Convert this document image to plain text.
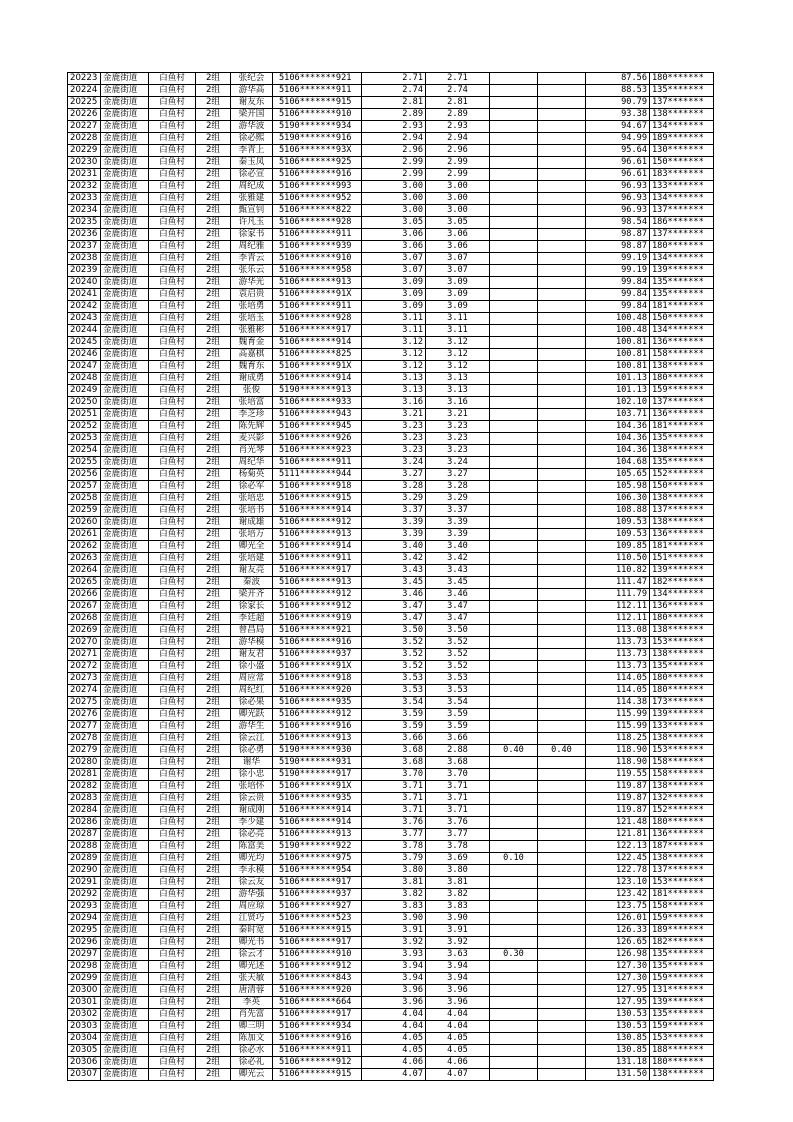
20223	金鹿街道	白鱼村	2组	张纪会	5106*******921	2.71	2.71			87.56	180*******
20224	金鹿街道	白鱼村	2组	游华高	5106*******911	2.74	2.74			88.53	135*******
20225	金鹿街道	白鱼村	2组	谢友东	5106*******915	2.81	2.81			90.79	137*******
20226	金鹿街道	白鱼村	2组	梁开国	5106*******910	2.89	2.89			93.38	138*******
20227	金鹿街道	白鱼村	2组	游华波	5190*******934	2.93	2.93			94.67	134*******
20228	金鹿街道	白鱼村	2组	徐必熙	5190*******916	2.94	2.94			94.99	189*******
20229	金鹿街道	白鱼村	2组	李青上	5106*******93X	2.96	2.96			95.64	130*******
20230	金鹿街道	白鱼村	2组	秦玉凤	5106*******925	2.99	2.99			96.61	150*******
20231	金鹿街道	白鱼村	2组	徐必宣	5106*******916	2.99	2.99			96.61	183*******
20232	金鹿街道	白鱼村	2组	周纪成	5106*******993	3.00	3.00			96.93	133*******
20233	金鹿街道	白鱼村	2组	张雅建	5106*******952	3.00	3.00			96.93	134*******
20234	金鹿街道	白鱼村	2组	甄宣钊	5106*******822	3.00	3.00			96.93	137*******
20235	金鹿街道	白鱼村	2组	许凡玉	5106*******928	3.05	3.05			98.54	186*******
20236	金鹿街道	白鱼村	2组	徐家书	5106*******911	3.06	3.06			98.87	137*******
20237	金鹿街道	白鱼村	2组	周纪雅	5106*******939	3.06	3.06			98.87	180*******
20238	金鹿街道	白鱼村	2组	李青云	5106*******910	3.07	3.07			99.19	134*******
20239	金鹿街道	白鱼村	2组	张乐云	5106*******958	3.07	3.07			99.19	139*******
20240	金鹿街道	白鱼村	2组	游华光	5106*******913	3.09	3.09			99.84	135*******
20241	金鹿街道	白鱼村	2组	袁启贵	5106*******91X	3.09	3.09			99.84	135*******
20242	金鹿街道	白鱼村	2组	张培勇	5106*******911	3.09	3.09			99.84	181*******
20243	金鹿街道	白鱼村	2组	张培玉	5106*******928	3.11	3.11			100.48	150*******
20244	金鹿街道	白鱼村	2组	张雅彬	5106*******917	3.11	3.11			100.48	134*******
20245	金鹿街道	白鱼村	2组	魏育金	5106*******914	3.12	3.12			100.81	136*******
20246	金鹿街道	白鱼村	2组	高嘉棋	5106*******825	3.12	3.12			100.81	158*******
20247	金鹿街道	白鱼村	2组	魏育东	5106*******91X	3.12	3.12			100.81	138*******
20248	金鹿街道	白鱼村	2组	谢成勇	5106*******914	3.13	3.13			101.13	180*******
20249	金鹿街道	白鱼村	2组	张俊	5190*******913	3.13	3.13			101.13	159*******
20250	金鹿街道	白鱼村	2组	张培富	5106*******933	3.16	3.16			102.10	137*******
20251	金鹿街道	白鱼村	2组	李芝珍	5106*******943	3.21	3.21			103.71	136*******
20252	金鹿街道	白鱼村	2组	陈先辉	5106*******945	3.23	3.23			104.36	181*******
20253	金鹿街道	白鱼村	2组	麦兴影	5106*******926	3.23	3.23			104.36	135*******
20254	金鹿街道	白鱼村	2组	肖光琴	5106*******923	3.23	3.23			104.36	138*******
20255	金鹿街道	白鱼村	2组	周纪华	5106*******911	3.24	3.24			104.68	135*******
20256	金鹿街道	白鱼村	2组	杨菊英	5111*******944	3.27	3.27			105.65	152*******
20257	金鹿街道	白鱼村	2组	徐必军	5106*******918	3.28	3.28			105.98	150*******
20258	金鹿街道	白鱼村	2组	张培忠	5106*******915	3.29	3.29			106.30	138*******
20259	金鹿街道	白鱼村	2组	张培书	5106*******914	3.37	3.37			108.88	137*******
20260	金鹿街道	白鱼村	2组	谢成雄	5106*******912	3.39	3.39			109.53	138*******
20261	金鹿街道	白鱼村	2组	张培万	5106*******913	3.39	3.39			109.53	136*******
20262	金鹿街道	白鱼村	2组	卿光全	5106*******914	3.40	3.40			109.85	181*******
20263	金鹿街道	白鱼村	2组	张培建	5106*******911	3.42	3.42			110.50	151*******
20264	金鹿街道	白鱼村	2组	谢友亮	5106*******917	3.43	3.43			110.82	139*******
20265	金鹿街道	白鱼村	2组	秦波	5106*******913	3.45	3.45			111.47	182*******
20266	金鹿街道	白鱼村	2组	梁开齐	5106*******912	3.46	3.46			111.79	134*******
20267	金鹿街道	白鱼村	2组	徐家长	5106*******912	3.47	3.47			112.11	136*******
20268	金鹿街道	白鱼村	2组	李廷超	5106*******919	3.47	3.47			112.11	180*******
20269	金鹿街道	白鱼村	2组	曾昌局	5106*******921	3.50	3.50			113.08	138*******
20270	金鹿街道	白鱼村	2组	游华模	5106*******916	3.52	3.52			113.73	153*******
20271	金鹿街道	白鱼村	2组	谢友君	5106*******937	3.52	3.52			113.73	138*******
20272	金鹿街道	白鱼村	2组	徐小盛	5106*******91X	3.52	3.52			113.73	135*******
20273	金鹿街道	白鱼村	2组	周应常	5106*******918	3.53	3.53			114.05	180*******
20274	金鹿街道	白鱼村	2组	周纪红	5106*******920	3.53	3.53			114.05	180*******
20275	金鹿街道	白鱼村	2组	徐必果	5106*******935	3.54	3.54			114.38	173*******
20276	金鹿街道	白鱼村	2组	卿光跃	5106*******912	3.59	3.59			115.99	139*******
20277	金鹿街道	白鱼村	2组	游华生	5106*******916	3.59	3.59			115.99	133*******
20278	金鹿街道	白鱼村	2组	徐云江	5106*******913	3.66	3.66			118.25	138*******
20279	金鹿街道	白鱼村	2组	徐必勇	5190*******930	3.68	2.88	0.40	0.40	118.90	153*******
20280	金鹿街道	白鱼村	2组	谢华	5190*******931	3.68	3.68			118.90	158*******
20281	金鹿街道	白鱼村	2组	徐小忠	5190*******917	3.70	3.70			119.55	158*******
20282	金鹿街道	白鱼村	2组	张培怀	5106*******91X	3.71	3.71			119.87	138*******
20283	金鹿街道	白鱼村	2组	徐云贵	5106*******935	3.71	3.71			119.87	132*******
20284	金鹿街道	白鱼村	2组	谢成刚	5106*******914	3.71	3.71			119.87	152*******
20286	金鹿街道	白鱼村	2组	李少建	5106*******914	3.76	3.76			121.48	180*******
20287	金鹿街道	白鱼村	2组	徐必亮	5106*******913	3.77	3.77			121.81	136*******
20288	金鹿街道	白鱼村	2组	陈富美	5190*******922	3.78	3.78			122.13	187*******
20289	金鹿街道	白鱼村	2组	卿光均	5106*******975	3.79	3.69	0.10		122.45	138*******
20290	金鹿街道	白鱼村	2组	李永模	5106*******954	3.80	3.80			122.78	137*******
20291	金鹿街道	白鱼村	2组	徐云友	5106*******917	3.81	3.81			123.10	153*******
20292	金鹿街道	白鱼村	2组	游华强	5106*******937	3.82	3.82			123.42	181*******
20293	金鹿街道	白鱼村	2组	周应琼	5106*******927	3.83	3.83			123.75	158*******
20294	金鹿街道	白鱼村	2组	江贤巧	5106*******523	3.90	3.90			126.01	159*******
20295	金鹿街道	白鱼村	2组	秦时宽	5106*******915	3.91	3.91			126.33	189*******
20296	金鹿街道	白鱼村	2组	卿光书	5106*******917	3.92	3.92			126.65	182*******
20297	金鹿街道	白鱼村	2组	徐云才	5106*******910	3.93	3.63	0.30		126.98	135*******
20298	金鹿街道	白鱼村	2组	卿光述	5106*******912	3.94	3.94			127.30	135*******
20299	金鹿街道	白鱼村	2组	张天敏	5106*******843	3.94	3.94			127.30	159*******
20300	金鹿街道	白鱼村	2组	唐清蓉	5106*******920	3.96	3.96			127.95	131*******
20301	金鹿街道	白鱼村	2组	李英	5106*******664	3.96	3.96			127.95	139*******
20302	金鹿街道	白鱼村	2组	肖先富	5106*******917	4.04	4.04			130.53	135*******
20303	金鹿街道	白鱼村	2组	卿三明	5106*******934	4.04	4.04			130.53	159*******
20304	金鹿街道	白鱼村	2组	陈加文	5106*******916	4.05	4.05			130.85	153*******
20305	金鹿街道	白鱼村	2组	徐必水	5106*******911	4.05	4.05			130.85	188*******
20306	金鹿街道	白鱼村	2组	徐必礼	5106*******912	4.06	4.06			131.18	180*******
20307	金鹿街道	白鱼村	2组	卿光云	5106*******915	4.07	4.07			131.50	138*******
